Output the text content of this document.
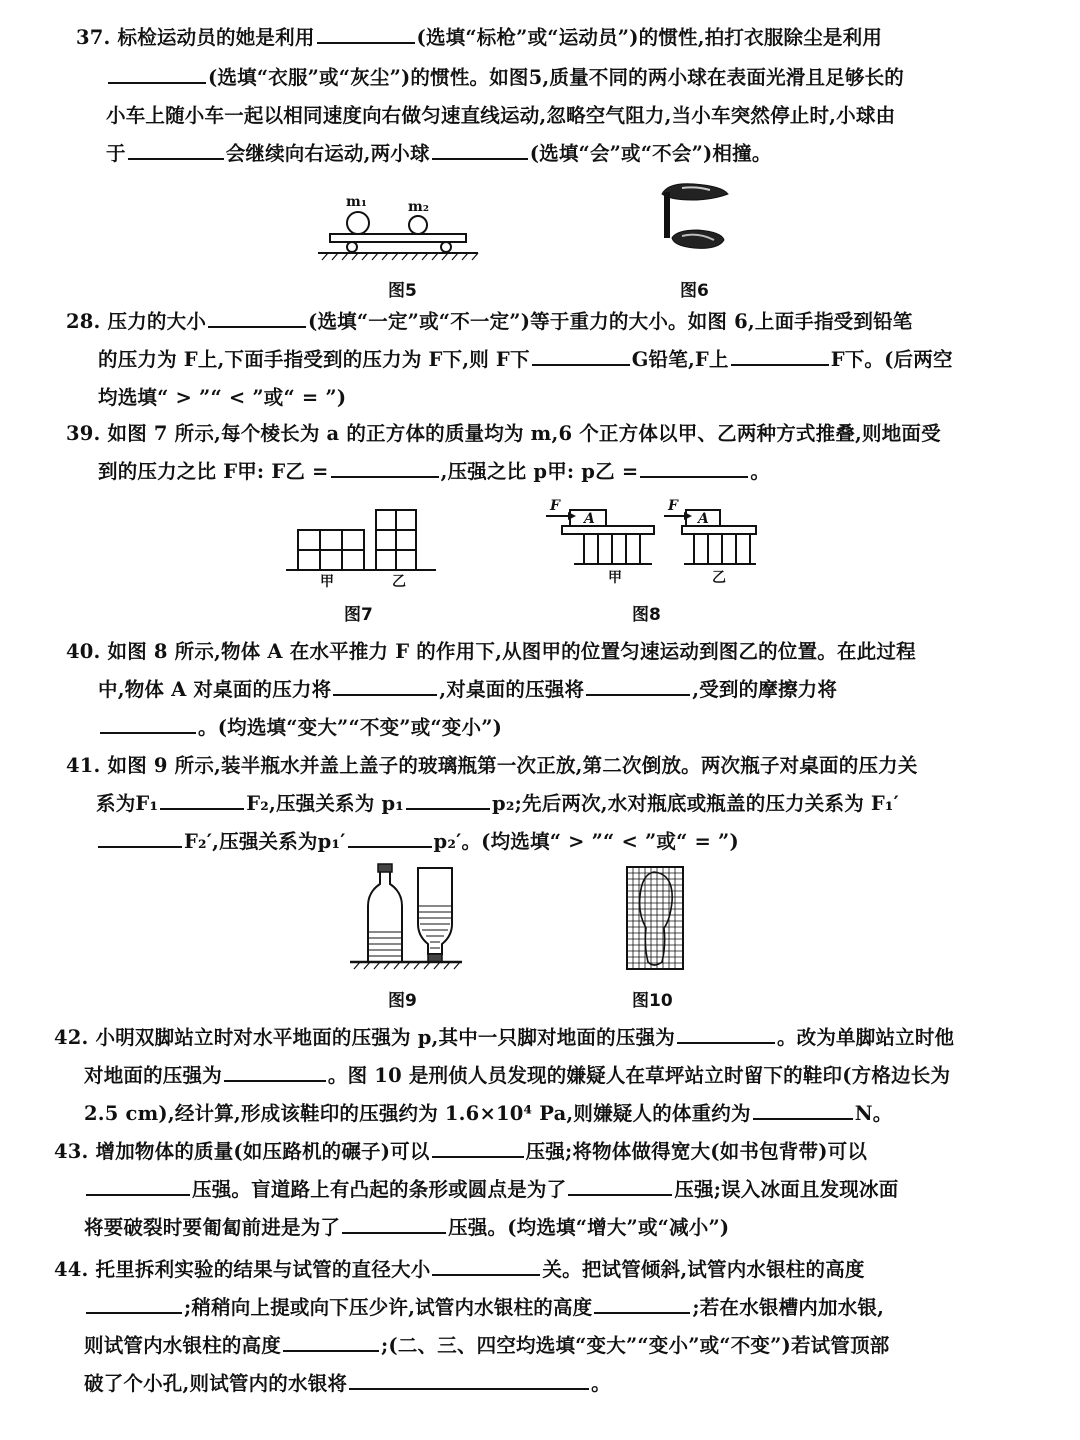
37. 标检运动员的她是利用	(选填“标枪”或“运动员”)的惯性,拍打衣服除尘是利用
(选填“衣服”或“灰尘”)的惯性。如图5,质量不同的两小球在表面光滑且足够长的
小车上随小车一起以相同速度向右做匀速直线运动,忽略空气阻力,当小车突然停止时,小球由
于	会继续向右运动,两小球	(选填“会”或“不会”)相撞。
m₁	m₂
图5	图6
28. 压力的大小	(选填“一定”或“不一定”)等于重力的大小。如图 6,上面手指受到铅笔
的压力为 F上,下面手指受到的压力为 F下,则 F下	G铅笔,F上	F下。(后两空
均选填“ > ”“ < ”或“ = ”)
39. 如图 7 所示,每个棱长为 a 的正方体的质量均为 m,6 个正方体以甲、乙两种方式推叠,则地面受
到的压力之比 F甲: F乙 =	,压强之比 p甲: p乙 =	。
甲	乙
图7
F
A
甲
F
A
乙
图8
40. 如图 8 所示,物体 A 在水平推力 F 的作用下,从图甲的位置匀速运动到图乙的位置。在此过程
中,物体 A 对桌面的压力将	,对桌面的压强将	,受到的摩擦力将
。(均选填“变大”“不变”或“变小”)
41. 如图 9 所示,装半瓶水并盖上盖子的玻璃瓶第一次正放,第二次倒放。两次瓶子对桌面的压力关
系为F₁	F₂,压强关系为 p₁	p₂;先后两次,水对瓶底或瓶盖的压力关系为 F₁′
F₂′,压强关系为p₁′	p₂′。(均选填“ > ”“ < ”或“ = ”)
图9	图10
42. 小明双脚站立时对水平地面的压强为 p,其中一只脚对地面的压强为	。改为单脚站立时他
对地面的压强为	。图 10 是刑侦人员发现的嫌疑人在草坪站立时留下的鞋印(方格边长为
2.5 cm),经计算,形成该鞋印的压强约为 1.6×10⁴ Pa,则嫌疑人的体重约为	N。
43. 增加物体的质量(如压路机的碾子)可以	压强;将物体做得宽大(如书包背带)可以
压强。盲道路上有凸起的条形或圆点是为了	压强;误入冰面且发现冰面
将要破裂时要匍匐前进是为了	压强。(均选填“增大”或“减小”)
44. 托里拆利实验的结果与试管的直径大小	关。把试管倾斜,试管内水银柱的高度
;稍稍向上提或向下压少许,试管内水银柱的高度	;若在水银槽内加水银,
则试管内水银柱的高度	;(二、三、四空均选填“变大”“变小”或“不变”)若试管顶部
破了个小孔,则试管内的水银将	。
